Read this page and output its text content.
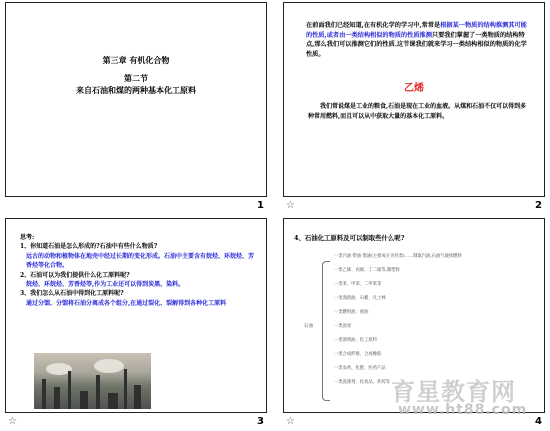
第三章 有机化合物
第二节
来自石油和煤的两种基本化工原料
1
在前面我们已经知道,在有机化学的学习中,常常是根据某一物质的结构推测其可能的性质,或者由一类结构相似的物质的性质推测只要我们掌握了一类物质的结构特点,那么我们可以推测它们的性质.这节课我们就来学习一类结构相似的物质的化学性质。
乙烯
我们常说煤是工业的粮食,石油是现在工业的血液。从煤和石油不仅可以得到多种常用燃料,而且可以从中获取大量的基本化工原料。
☆	2
思考:
1、你知道石油是怎么形成的?石油中有些什么物质?
远古的动物和植物体在地壳中经过长期的变化形成。石油中主要含有烷烃、环烷烃、芳香烃等化合物。
2、石油可以为我们提供什么化工原料呢?
烷烃、环烷烃、芳香烃等,作为工业还可以得到炭黑、染料。
3、我们怎么从石油中得到化工原料呢?
通过分馏、分馏将石油分离成各个组分,在通过裂化、裂解得到各种化工原料
☆	3
4、石油化工原料及可以制取些什么呢?
石油
一类汽油 柴油 煤油(主要成分为烃类)……制取汽油,石油气液体燃料
一类乙烯、丙烯、丁二烯等,制塑料
一类苯、甲苯、二甲苯等
一类润滑油、石蜡、凡士林
一类燃料油、重油
一类沥青
一类溶剂油、化工原料
一类合成纤维、合成橡胶
一类农药、化肥、医药产品
一类洗涤剂、化妆品、炸药等
☆	4
育星教育网
www.ht88.com
